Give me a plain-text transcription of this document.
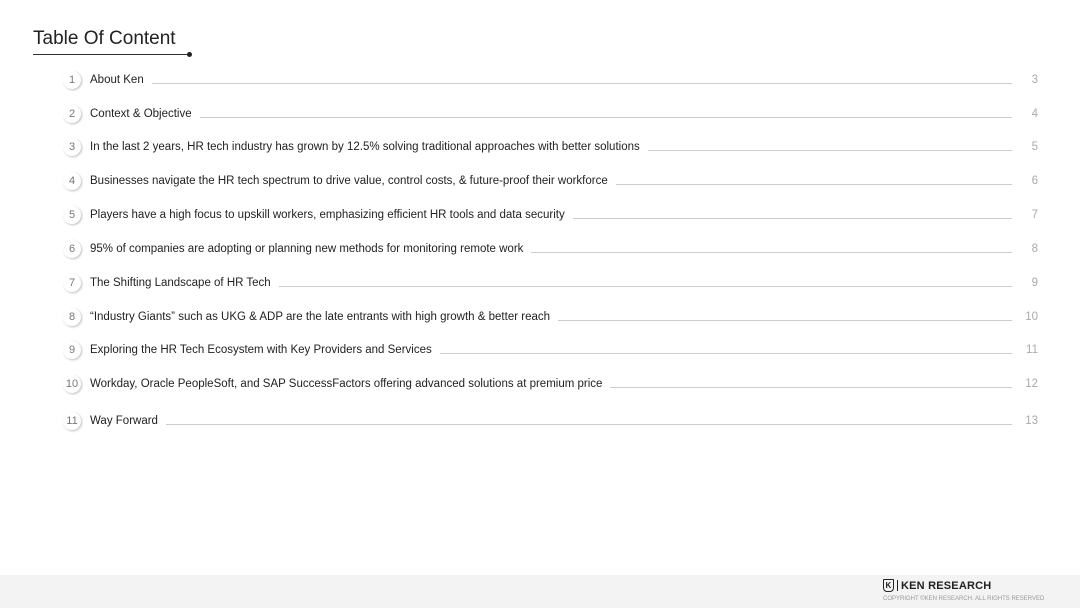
Table Of Content
1	About Ken	3
2	Context & Objective	4
3	In the last 2 years, HR tech industry has grown by 12.5% solving traditional approaches with better solutions	5
4	Businesses navigate the HR tech spectrum to drive value, control costs, & future-proof their workforce	6
5	Players have a high focus to upskill workers, emphasizing efficient HR tools and data security	7
6	95% of companies are adopting or planning new methods for monitoring remote work	8
7	The Shifting Landscape of HR Tech	9
8	“Industry Giants” such as UKG & ADP are the late entrants with high growth & better reach	10
9	Exploring the HR Tech Ecosystem with Key Providers and Services	11
10 Workday, Oracle PeopleSoft, and SAP SuccessFactors offering advanced solutions at premium price	12
11 Way Forward	13
K KEN RESEARCH
COPYRIGHT ©KEN RESEARCH. ALL RIGHTS RESERVED
